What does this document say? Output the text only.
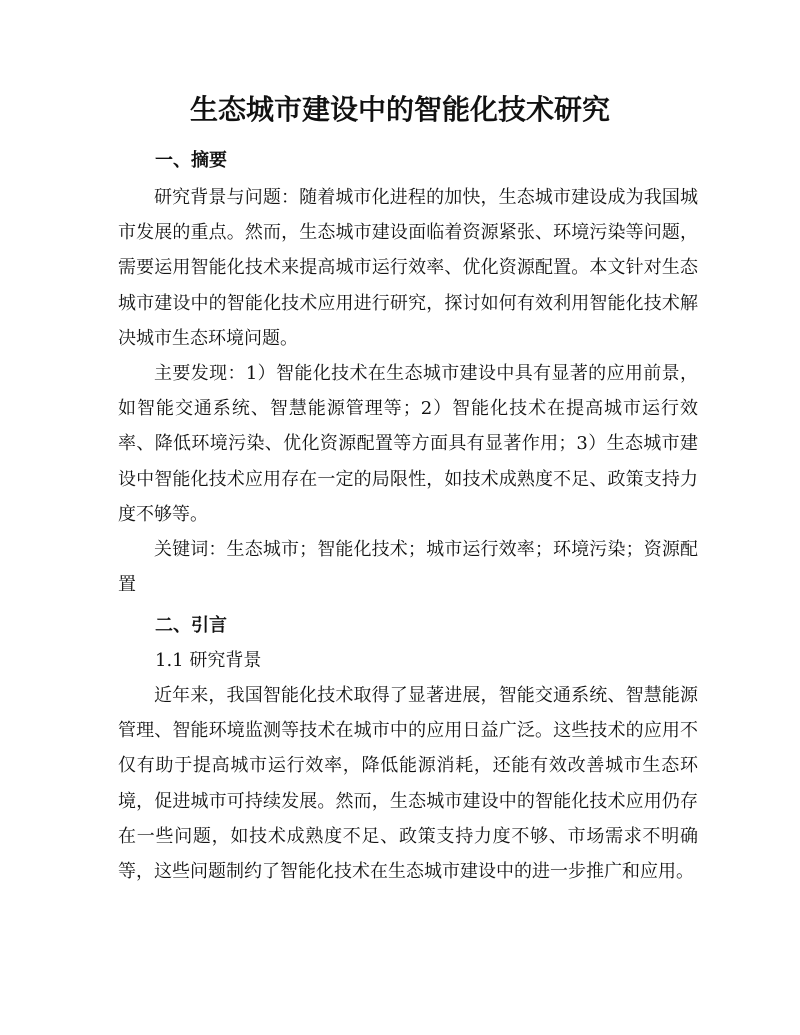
生态城市建设中的智能化技术研究
一、摘要

研究背景与问题：随着城市化进程的加快，生态城市建设成为我国城市发展的重点。然而，生态城市建设面临着资源紧张、环境污染等问题，需要运用智能化技术来提高城市运行效率、优化资源配置。本文针对生态城市建设中的智能化技术应用进行研究，探讨如何有效利用智能化技术解决城市生态环境问题。

主要发现：1）智能化技术在生态城市建设中具有显著的应用前景，如智能交通系统、智慧能源管理等；2）智能化技术在提高城市运行效率、降低环境污染、优化资源配置等方面具有显著作用；3）生态城市建设中智能化技术应用存在一定的局限性，如技术成熟度不足、政策支持力度不够等。

关键词：生态城市；智能化技术；城市运行效率；环境污染；资源配置

二、引言

1.1 研究背景

近年来，我国智能化技术取得了显著进展，智能交通系统、智慧能源管理、智能环境监测等技术在城市中的应用日益广泛。这些技术的应用不仅有助于提高城市运行效率，降低能源消耗，还能有效改善城市生态环境，促进城市可持续发展。然而，生态城市建设中的智能化技术应用仍存在一些问题，如技术成熟度不足、政策支持力度不够、市场需求不明确等，这些问题制约了智能化技术在生态城市建设中的进一步推广和应用。
